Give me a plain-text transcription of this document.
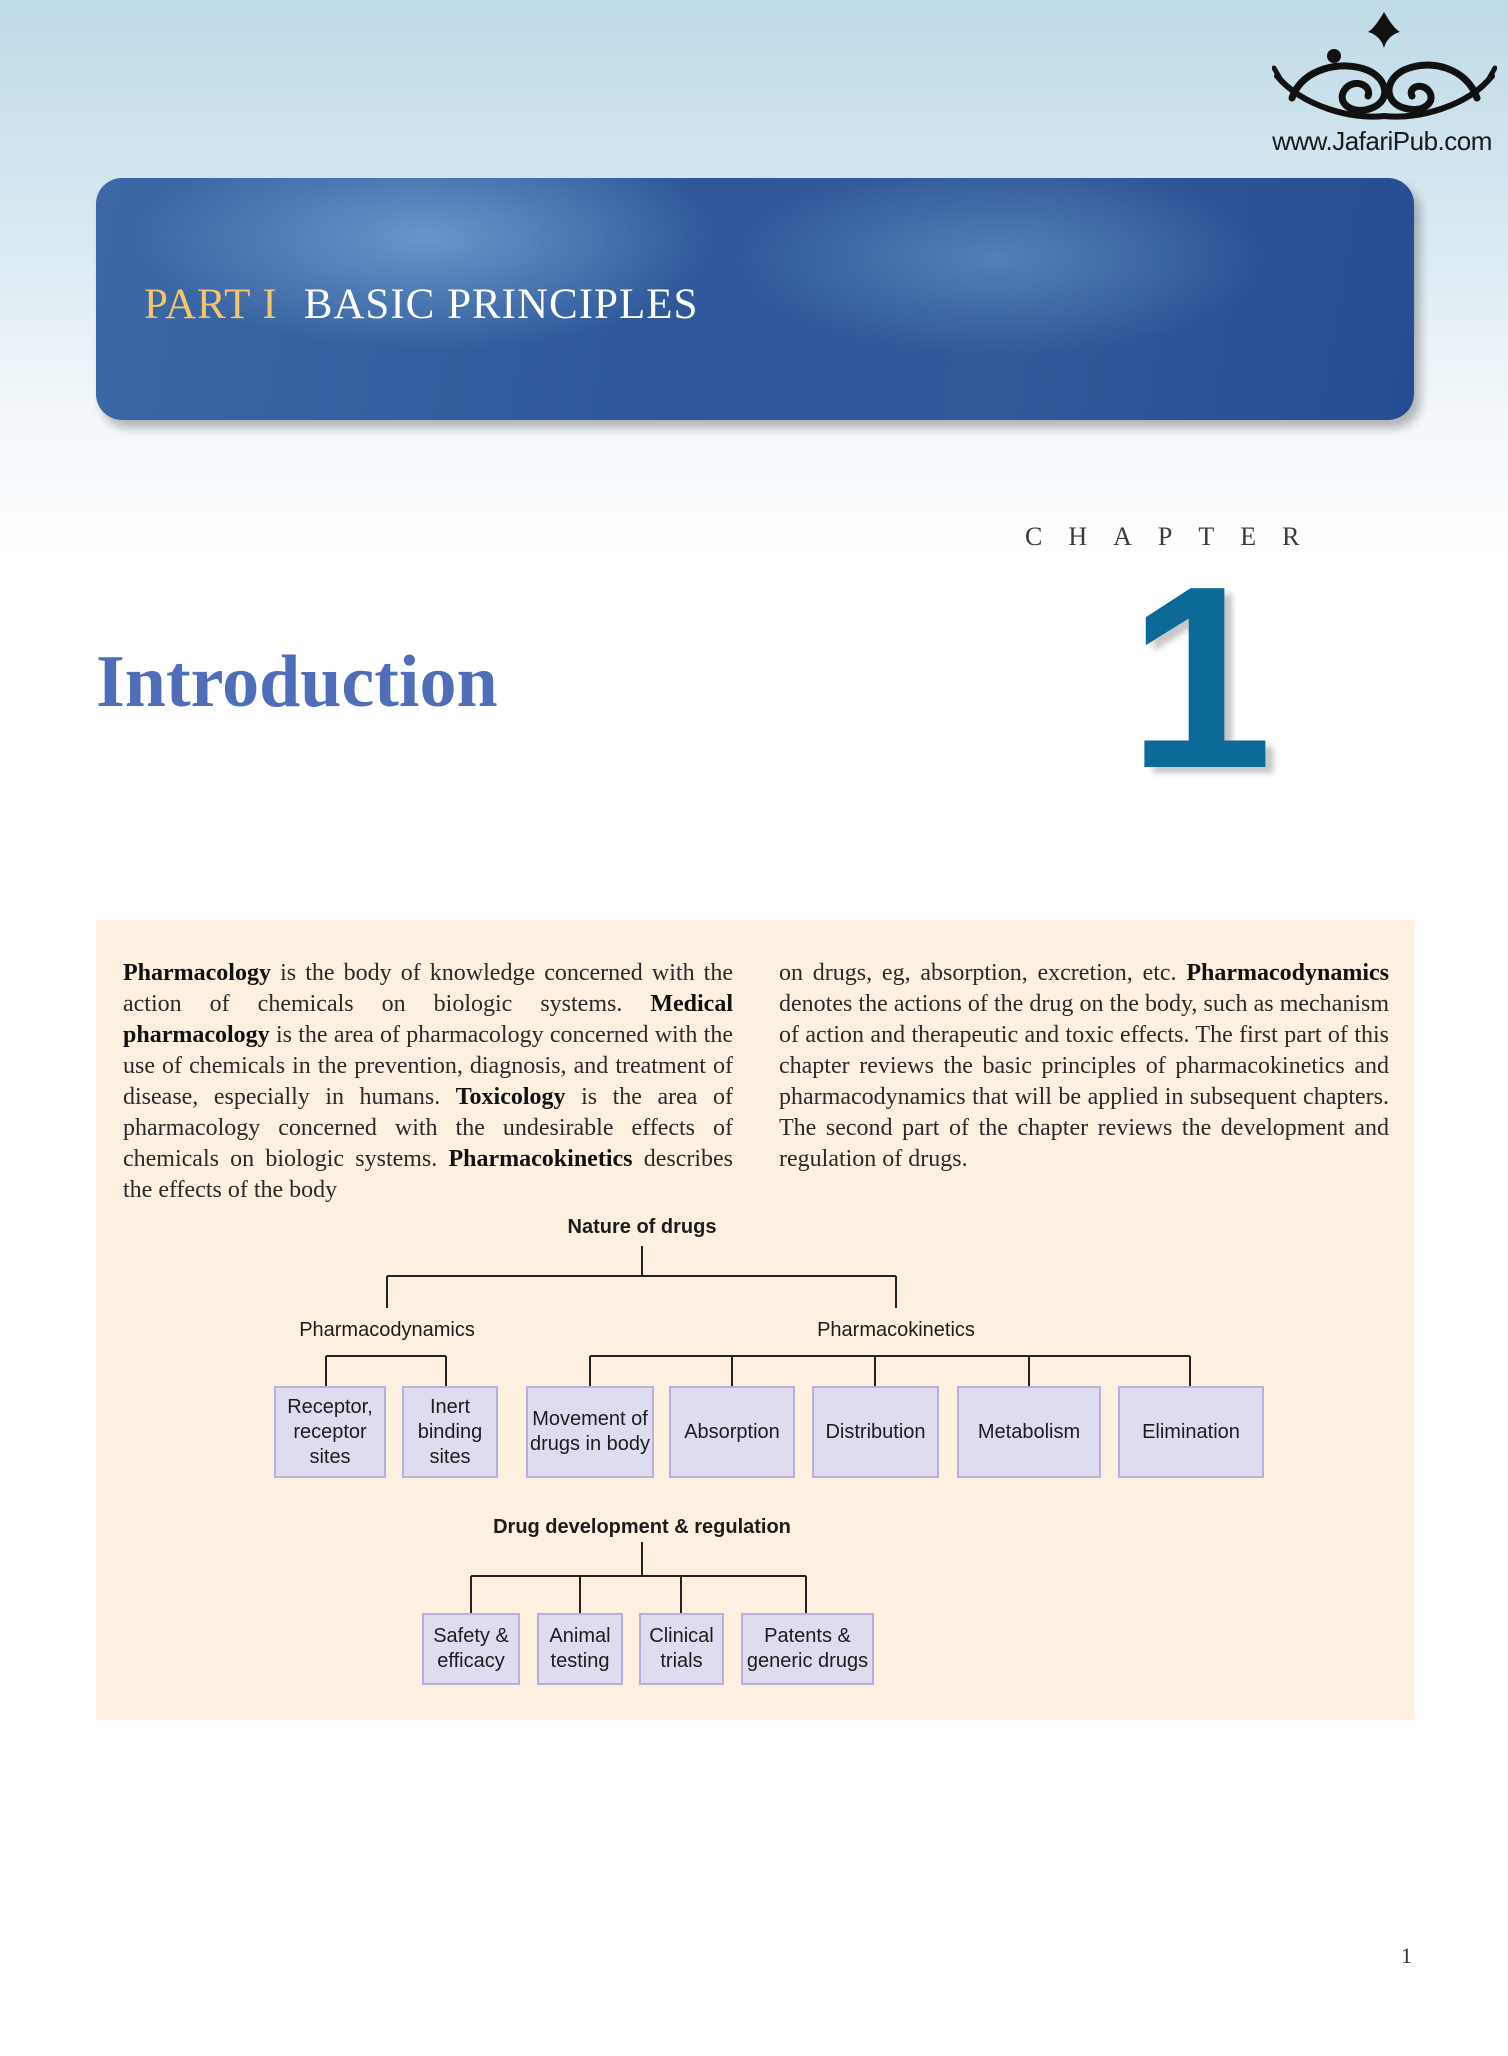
www.JafariPub.com
PART I BASIC PRINCIPLES
CHAPTER
1
Introduction
Pharmacology is the body of knowledge concerned with the action of chemicals on biologic systems. Medical pharmacology is the area of pharmacology concerned with the use of chemicals in the prevention, diagnosis, and treatment of disease, especially in humans. Toxicology is the area of pharmacology concerned with the undesirable effects of chemicals on biologic systems. Pharmacokinetics describes the effects of the body
on drugs, eg, absorption, excretion, etc. Pharmacodynamics denotes the actions of the drug on the body, such as mechanism of action and therapeutic and toxic effects. The first part of this chapter reviews the basic principles of pharmacokinetics and pharmacodynamics that will be applied in subsequent chapters. The second part of the chapter reviews the development and regulation of drugs.
Nature of drugs
Pharmacodynamics	Pharmacokinetics
Receptor, receptor sites
Inert binding sites
Movement of drugs in body
Absorption	Distribution	Metabolism	Elimination
Drug development & regulation
Safety & efficacy
Animal testing
Clinical trials
Patents & generic drugs
1
